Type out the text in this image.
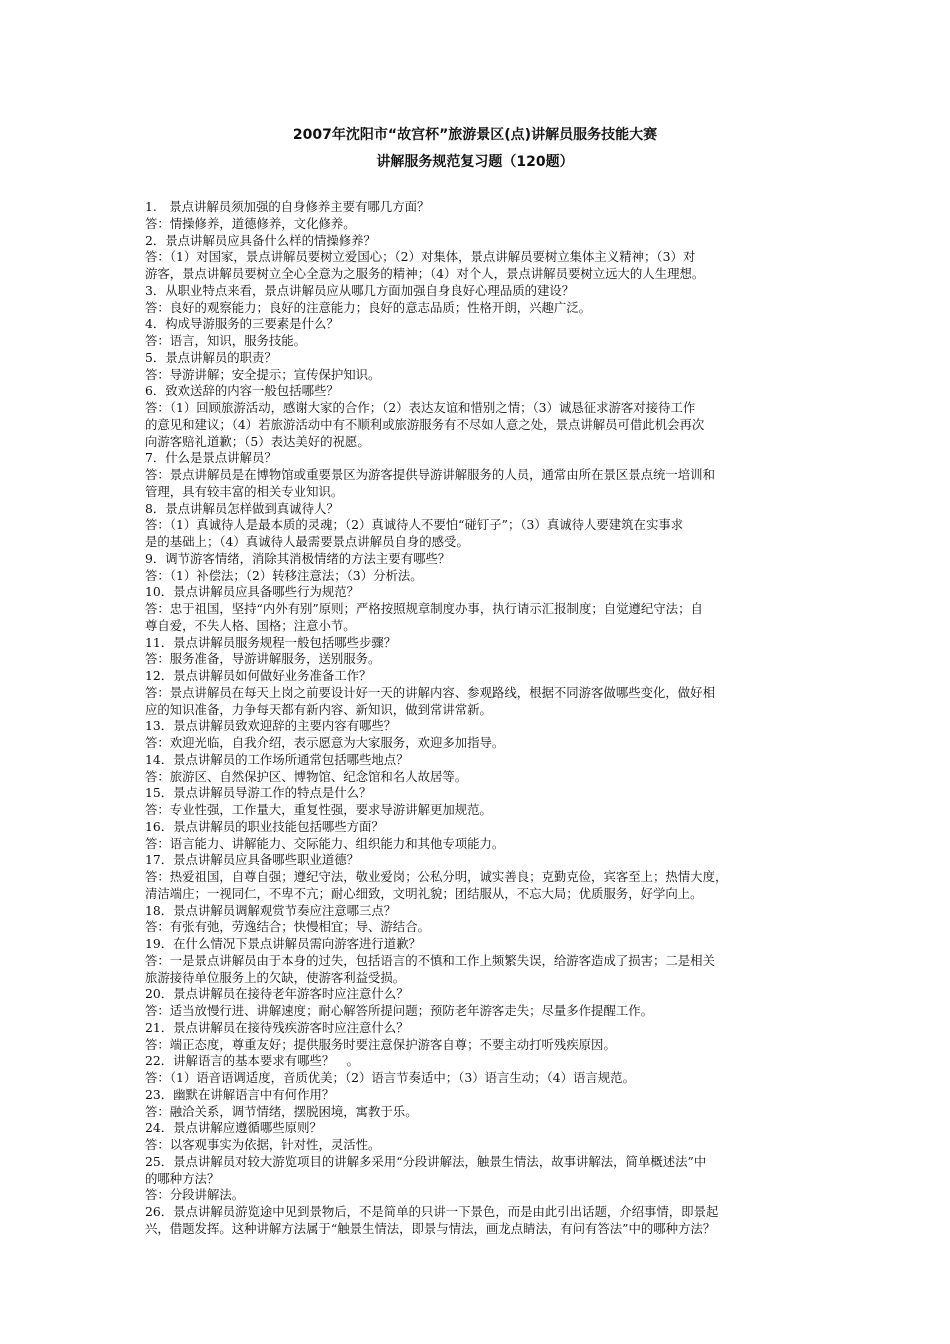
2007年沈阳市“故宫杯”旅游景区(点)讲解员服务技能大赛
讲解服务规范复习题（120题）
1.　景点讲解员须加强的自身修养主要有哪几方面？
答：情操修养，道德修养，文化修养。
2．景点讲解员应具备什么样的情操修养？
答：（1）对国家，景点讲解员要树立爱国心；（2）对集体，景点讲解员要树立集体主义精神；（3）对
游客，景点讲解员要树立全心全意为之服务的精神；（4）对个人，景点讲解员要树立远大的人生理想。
3．从职业特点来看，景点讲解员应从哪几方面加强自身良好心理品质的建设？
答：良好的观察能力；良好的注意能力；良好的意志品质；性格开朗，兴趣广泛。
4．构成导游服务的三要素是什么？
答：语言，知识，服务技能。
5．景点讲解员的职责？
答：导游讲解；安全提示；宣传保护知识。
6．致欢送辞的内容一般包括哪些？
答：（1）回顾旅游活动，感谢大家的合作；（2）表达友谊和惜别之情；（3）诚恳征求游客对接待工作
的意见和建议；（4）若旅游活动中有不顺利或旅游服务有不尽如人意之处，景点讲解员可借此机会再次
向游客赔礼道歉；（5）表达美好的祝愿。
7．什么是景点讲解员？
答：景点讲解员是在博物馆或重要景区为游客提供导游讲解服务的人员，通常由所在景区景点统一培训和
管理，具有较丰富的相关专业知识。
8．景点讲解员怎样做到真诚待人？
答：（1）真诚待人是最本质的灵魂；（2）真诚待人不要怕“碰钉子”；（3）真诚待人要建筑在实事求
是的基础上；（4）真诚待人最需要景点讲解员自身的感受。
9．调节游客情绪，消除其消极情绪的方法主要有哪些？
答：（1）补偿法；（2）转移注意法；（3）分析法。
10．景点讲解员应具备哪些行为规范？
答：忠于祖国，坚持“内外有别”原则；严格按照规章制度办事，执行请示汇报制度；自觉遵纪守法；自
尊自爱，不失人格、国格；注意小节。
11．景点讲解员服务规程一般包括哪些步骤？
答：服务准备，导游讲解服务，送别服务。
12．景点讲解员如何做好业务准备工作？
答：景点讲解员在每天上岗之前要设计好一天的讲解内容、参观路线，根据不同游客做哪些变化，做好相
应的知识准备，力争每天都有新内容、新知识，做到常讲常新。
13．景点讲解员致欢迎辞的主要内容有哪些？
答：欢迎光临，自我介绍，表示愿意为大家服务，欢迎多加指导。
14．景点讲解员的工作场所通常包括哪些地点？
答：旅游区、自然保护区、博物馆、纪念馆和名人故居等。
15．景点讲解员导游工作的特点是什么？
答：专业性强，工作量大，重复性强，要求导游讲解更加规范。
16．景点讲解员的职业技能包括哪些方面？
答：语言能力、讲解能力、交际能力、组织能力和其他专项能力。
17．景点讲解员应具备哪些职业道德？
答：热爱祖国，自尊自强；遵纪守法，敬业爱岗；公私分明，诚实善良；克勤克俭，宾客至上；热情大度，
清洁端庄；一视同仁，不卑不亢；耐心细致，文明礼貌；团结服从，不忘大局；优质服务，好学向上。
18．景点讲解员调解观赏节奏应注意哪三点？
答：有张有弛，劳逸结合；快慢相宜；导、游结合。
19．在什么情况下景点讲解员需向游客进行道歉？
答：一是景点讲解员由于本身的过失，包括语言的不慎和工作上频繁失误，给游客造成了损害；二是相关
旅游接待单位服务上的欠缺，使游客利益受损。
20．景点讲解员在接待老年游客时应注意什么？
答：适当放慢行进、讲解速度；耐心解答所提问题；预防老年游客走失；尽量多作提醒工作。
21．景点讲解员在接待残疾游客时应注意什么？
答：端正态度，尊重友好；提供服务时要注意保护游客自尊；不要主动打听残疾原因。
22．讲解语言的基本要求有哪些？　。
答：（1）语音语调适度，音质优美；（2）语言节奏适中；（3）语言生动；（4）语言规范。
23．幽默在讲解语言中有何作用？
答：融洽关系，调节情绪，摆脱困境，寓教于乐。
24．景点讲解应遵循哪些原则？
答：以客观事实为依据，针对性，灵活性。
25．景点讲解员对较大游览项目的讲解多采用“分段讲解法，触景生情法，故事讲解法，简单概述法”中
的哪种方法？
答：分段讲解法。
26．景点讲解员游览途中见到景物后，不是简单的只讲一下景色，而是由此引出话题，介绍事情，即景起
兴，借题发挥。这种讲解方法属于“触景生情法，即景与情法，画龙点睛法，有问有答法”中的哪种方法？
